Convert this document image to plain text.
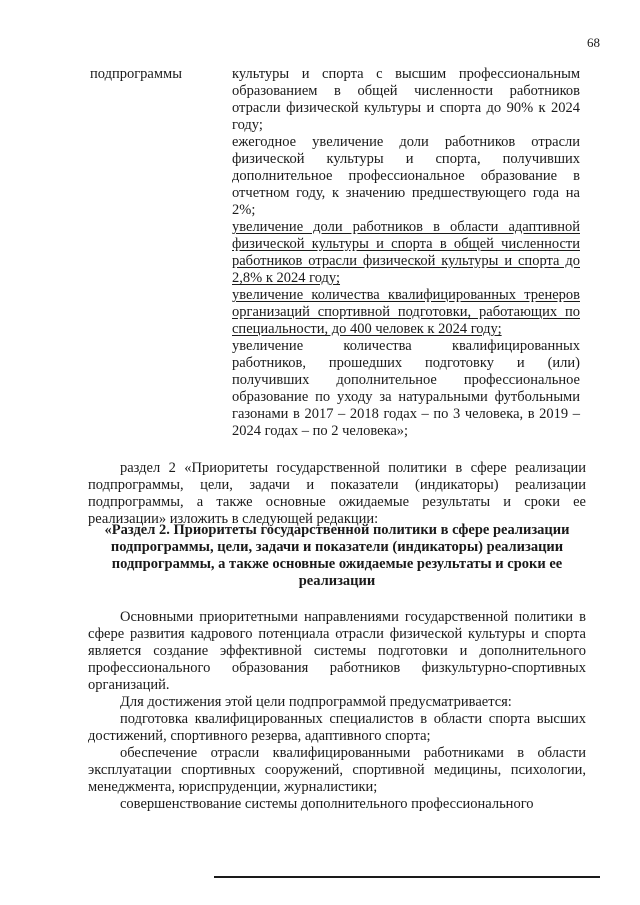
68
подпрограммы	культуры и спорта с высшим профессиональным образованием в общей численности работников отрасли физической культуры и спорта до 90% к 2024 году;
ежегодное увеличение доли работников отрасли физической культуры и спорта, получивших дополнительное профессиональное образование в отчетном году, к значению предшествующего года на 2%;
увеличение доли работников в области адаптивной физической культуры и спорта в общей численности работников отрасли физической культуры и спорта до 2,8% к 2024 году;
увеличение количества квалифицированных тренеров организаций спортивной подготовки, работающих по специальности, до 400 человек к 2024 году;
увеличение количества квалифицированных работников, прошедших подготовку и (или) получивших дополнительное профессиональное образование по уходу за натуральными футбольными газонами в 2017 – 2018 годах – по 3 человека, в 2019 – 2024 годах – по 2 человека»;
раздел 2 «Приоритеты государственной политики в сфере реализации подпрограммы, цели, задачи и показатели (индикаторы) реализации подпрограммы, а также основные ожидаемые результаты и сроки ее реализации» изложить в следующей редакции:
«Раздел 2. Приоритеты государственной политики в сфере реализации подпрограммы, цели, задачи и показатели (индикаторы) реализации подпрограммы, а также основные ожидаемые результаты и сроки ее реализации
Основными приоритетными направлениями государственной политики в сфере развития кадрового потенциала отрасли физической культуры и спорта является создание эффективной системы подготовки и дополнительного профессионального образования работников физкультурно-спортивных организаций.
Для достижения этой цели подпрограммой предусматривается:
подготовка квалифицированных специалистов в области спорта высших достижений, спортивного резерва, адаптивного спорта;
обеспечение отрасли квалифицированными работниками в области эксплуатации спортивных сооружений, спортивной медицины, психологии, менеджмента, юриспруденции, журналистики;
совершенствование системы дополнительного профессионального
